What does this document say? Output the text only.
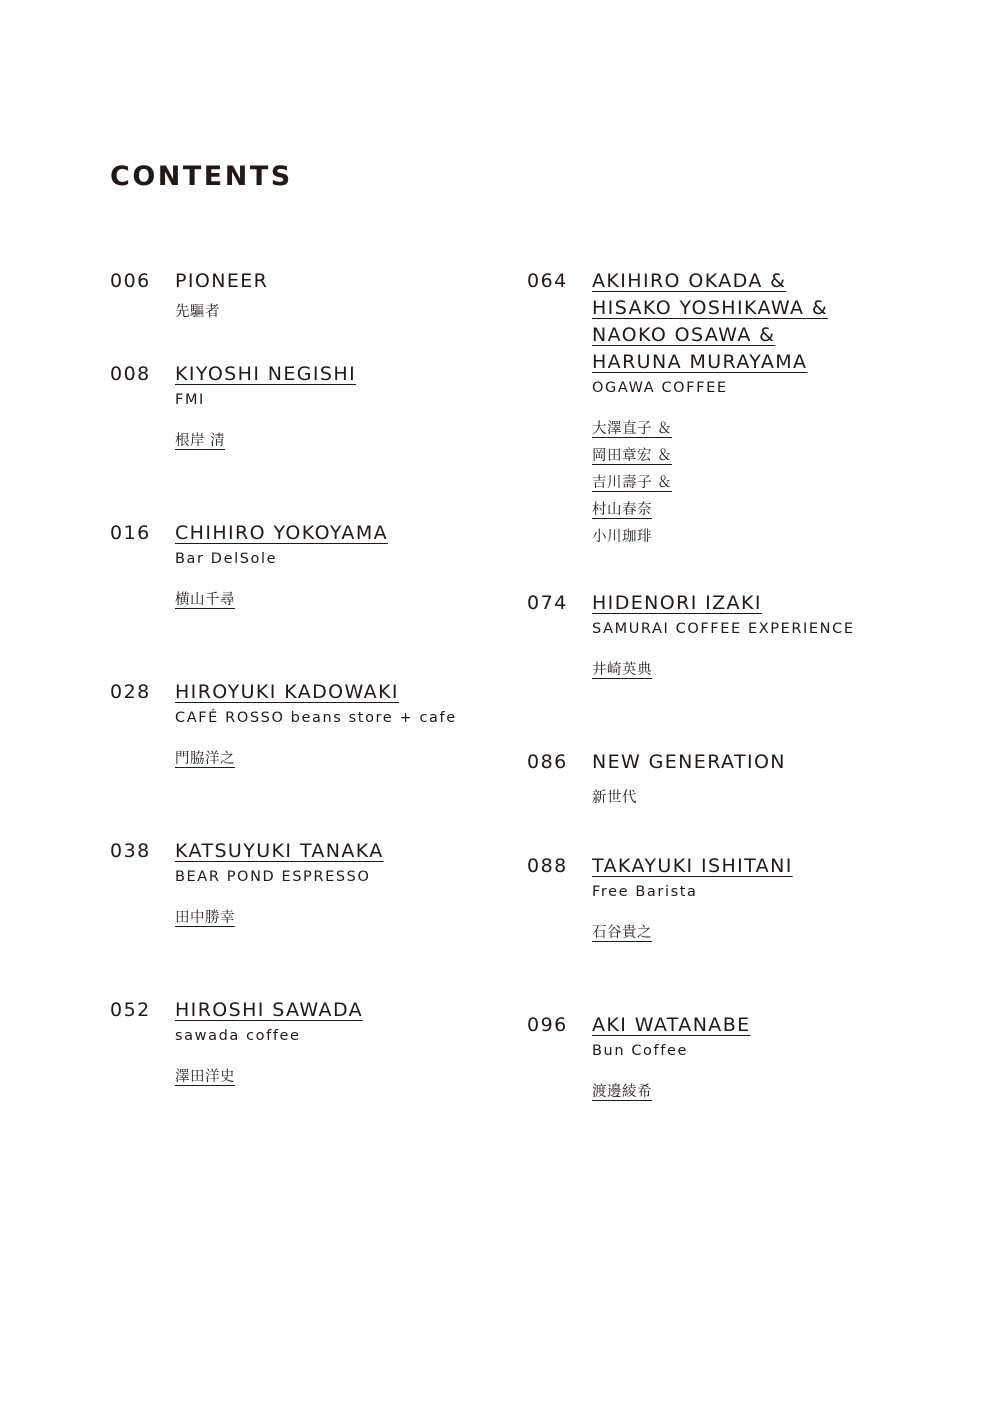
CONTENTS
006 PIONEER
先驅者
008 KIYOSHI NEGISHI
FMI
根岸 清
016 CHIHIRO YOKOYAMA
Bar DelSole
横山千尋
028 HIROYUKI KADOWAKI
CAFÉ ROSSO beans store + cafe
門脇洋之
038 KATSUYUKI TANAKA
BEAR POND ESPRESSO
田中勝幸
052 HIROSHI SAWADA
sawada coffee
澤田洋史
064 AKIHIRO OKADA &
HISAKO YOSHIKAWA &
NAOKO OSAWA &
HARUNA MURAYAMA
OGAWA COFFEE
大澤直子 ＆
岡田章宏 ＆
吉川壽子 ＆
村山春奈
小川珈琲
074 HIDENORI IZAKI
SAMURAI COFFEE EXPERIENCE
井崎英典
086 NEW GENERATION
新世代
088 TAKAYUKI ISHITANI
Free Barista
石谷貴之
096 AKI WATANABE
Bun Coffee
渡邊綾希
